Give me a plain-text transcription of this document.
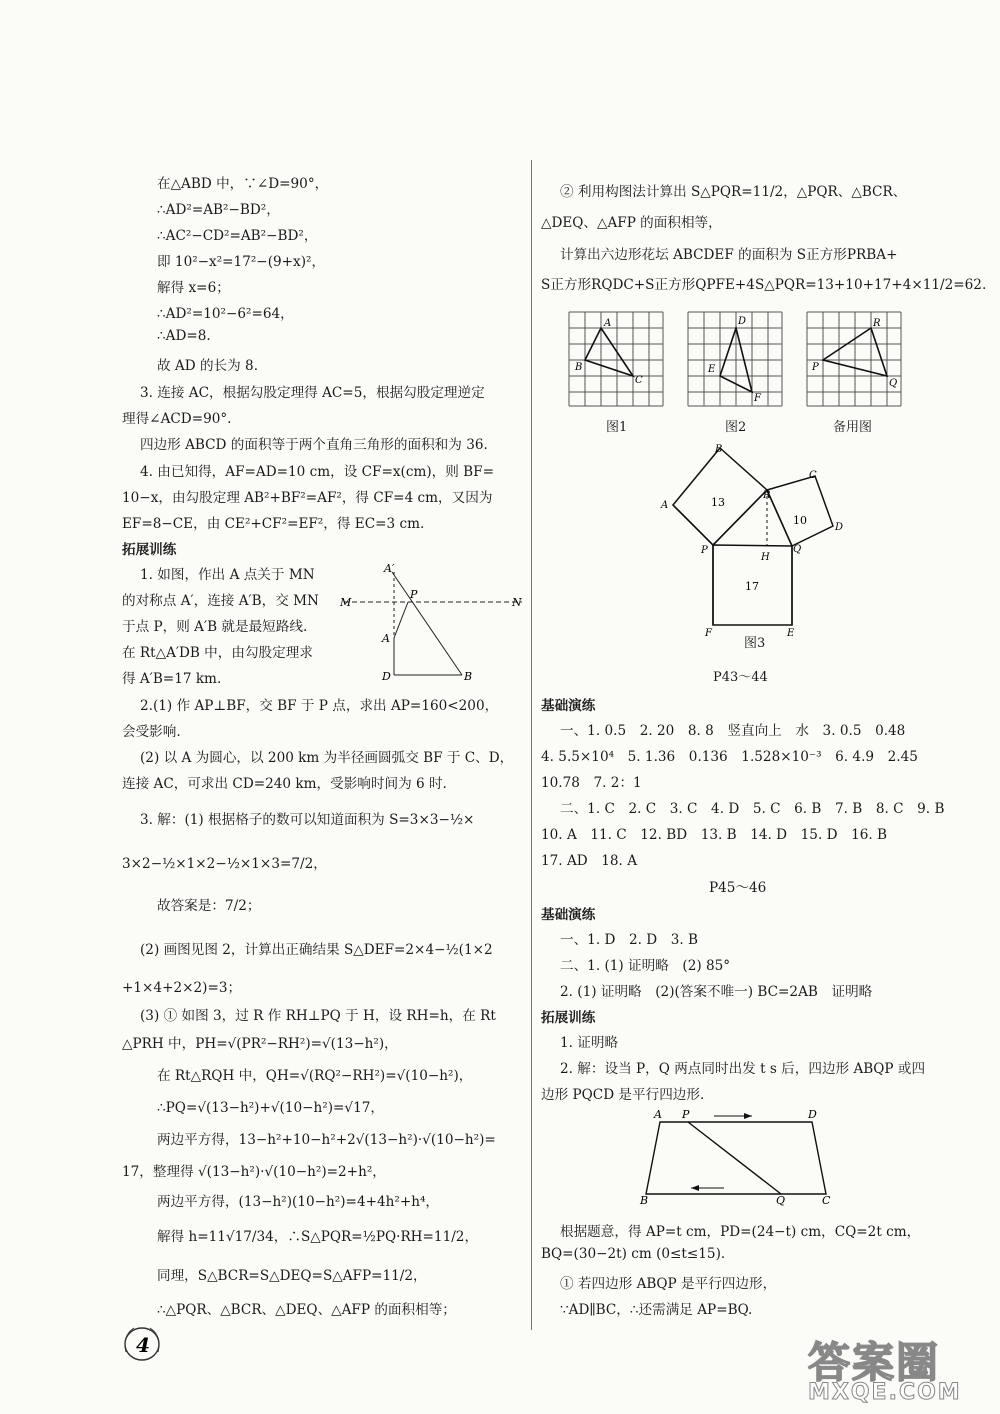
在△ABD 中，∵∠D=90°，
∴AD²=AB²−BD²，
∴AC²−CD²=AB²−BD²，
即 10²−x²=17²−(9+x)²，
解得 x=6；
∴AD²=10²−6²=64，
∴AD=8.
故 AD 的长为 8.
3. 连接 AC，根据勾股定理得 AC=5，根据勾股定理逆定
理得∠ACD=90°.
四边形 ABCD 的面积等于两个直角三角形的面积和为 36.
4. 由已知得，AF=AD=10 cm，设 CF=x(cm)，则 BF=
10−x，由勾股定理 AB²+BF²=AF²，得 CF=4 cm，又因为
EF=8−CE，由 CE²+CF²=EF²，得 EC=3 cm.
拓展训练
1. 如图，作出 A 点关于 MN
的对称点 A′，连接 A′B，交 MN
于点 P，则 A′B 就是最短路线.
在 Rt△A′DB 中，由勾股定理求
得 A′B=17 km.
2.(1) 作 AP⊥BF，交 BF 于 P 点，求出 AP=160<200，
会受影响.
(2) 以 A 为圆心，以 200 km 为半径画圆弧交 BF 于 C、D，
连接 AC，可求出 CD=240 km，受影响时间为 6 时.
3. 解：(1) 根据格子的数可以知道面积为 S=3×3−½×
3×2−½×1×2−½×1×3=7/2，
故答案是：7/2；
(2) 画图见图 2，计算出正确结果 S△DEF=2×4−½(1×2
+1×4+2×2)=3；
(3) ① 如图 3，过 R 作 RH⊥PQ 于 H，设 RH=h，在 Rt
△PRH 中，PH=√(PR²−RH²)=√(13−h²)，
在 Rt△RQH 中，QH=√(RQ²−RH²)=√(10−h²)，
∴PQ=√(13−h²)+√(10−h²)=√17，
两边平方得，13−h²+10−h²+2√(13−h²)·√(10−h²)=
17，整理得 √(13−h²)·√(10−h²)=2+h²，
两边平方得，(13−h²)(10−h²)=4+4h²+h⁴，
解得 h=11√17/34，∴S△PQR=½PQ·RH=11/2，
同理，S△BCR=S△DEQ=S△AFP=11/2，
∴△PQR、△BCR、△DEQ、△AFP 的面积相等；
A′
M
P
N
A
D	B
② 利用构图法计算出 S△PQR=11/2，△PQR、△BCR、
△DEQ、△AFP 的面积相等，
计算出六边形花坛 ABCDEF 的面积为 S正方形PRBA+
S正方形RQDC+S正方形QPFE+4S△PQR=13+10+17+4×11/2=62.
A
B
C
D
E
F
R
P
Q
图1	图2	备用图
13
10
17
B
C
A
R
D
P	Q
H
F	E
图3
P43～44
基础演练
一、1. 0.5　2. 20　8. 8　竖直向上　水　3. 0.5　0.48
4. 5.5×10⁴　5. 1.36　0.136　1.528×10⁻³　6. 4.9　2.45
10.78　7. 2：1
二、1. C　2. C　3. C　4. D　5. C　6. B　7. B　8. C　9. B
10. A　11. C　12. BD　13. B　14. D　15. D　16. B
17. AD　18. A
P45～46
基础演练
一、1. D　2. D　3. B
二、1. (1) 证明略　(2) 85°
2. (1) 证明略　(2)(答案不唯一) BC=2AB　证明略
拓展训练
1. 证明略
2. 解：设当 P，Q 两点同时出发 t s 后，四边形 ABQP 或四
边形 PQCD 是平行四边形.
根据题意，得 AP=t cm，PD=(24−t) cm，CQ=2t cm，
BQ=(30−2t) cm (0≤t≤15).
① 若四边形 ABQP 是平行四边形，
∵AD∥BC，∴还需满足 AP=BQ.
A P	D
B	Q	C
4	答案圈
MXQE.COM
